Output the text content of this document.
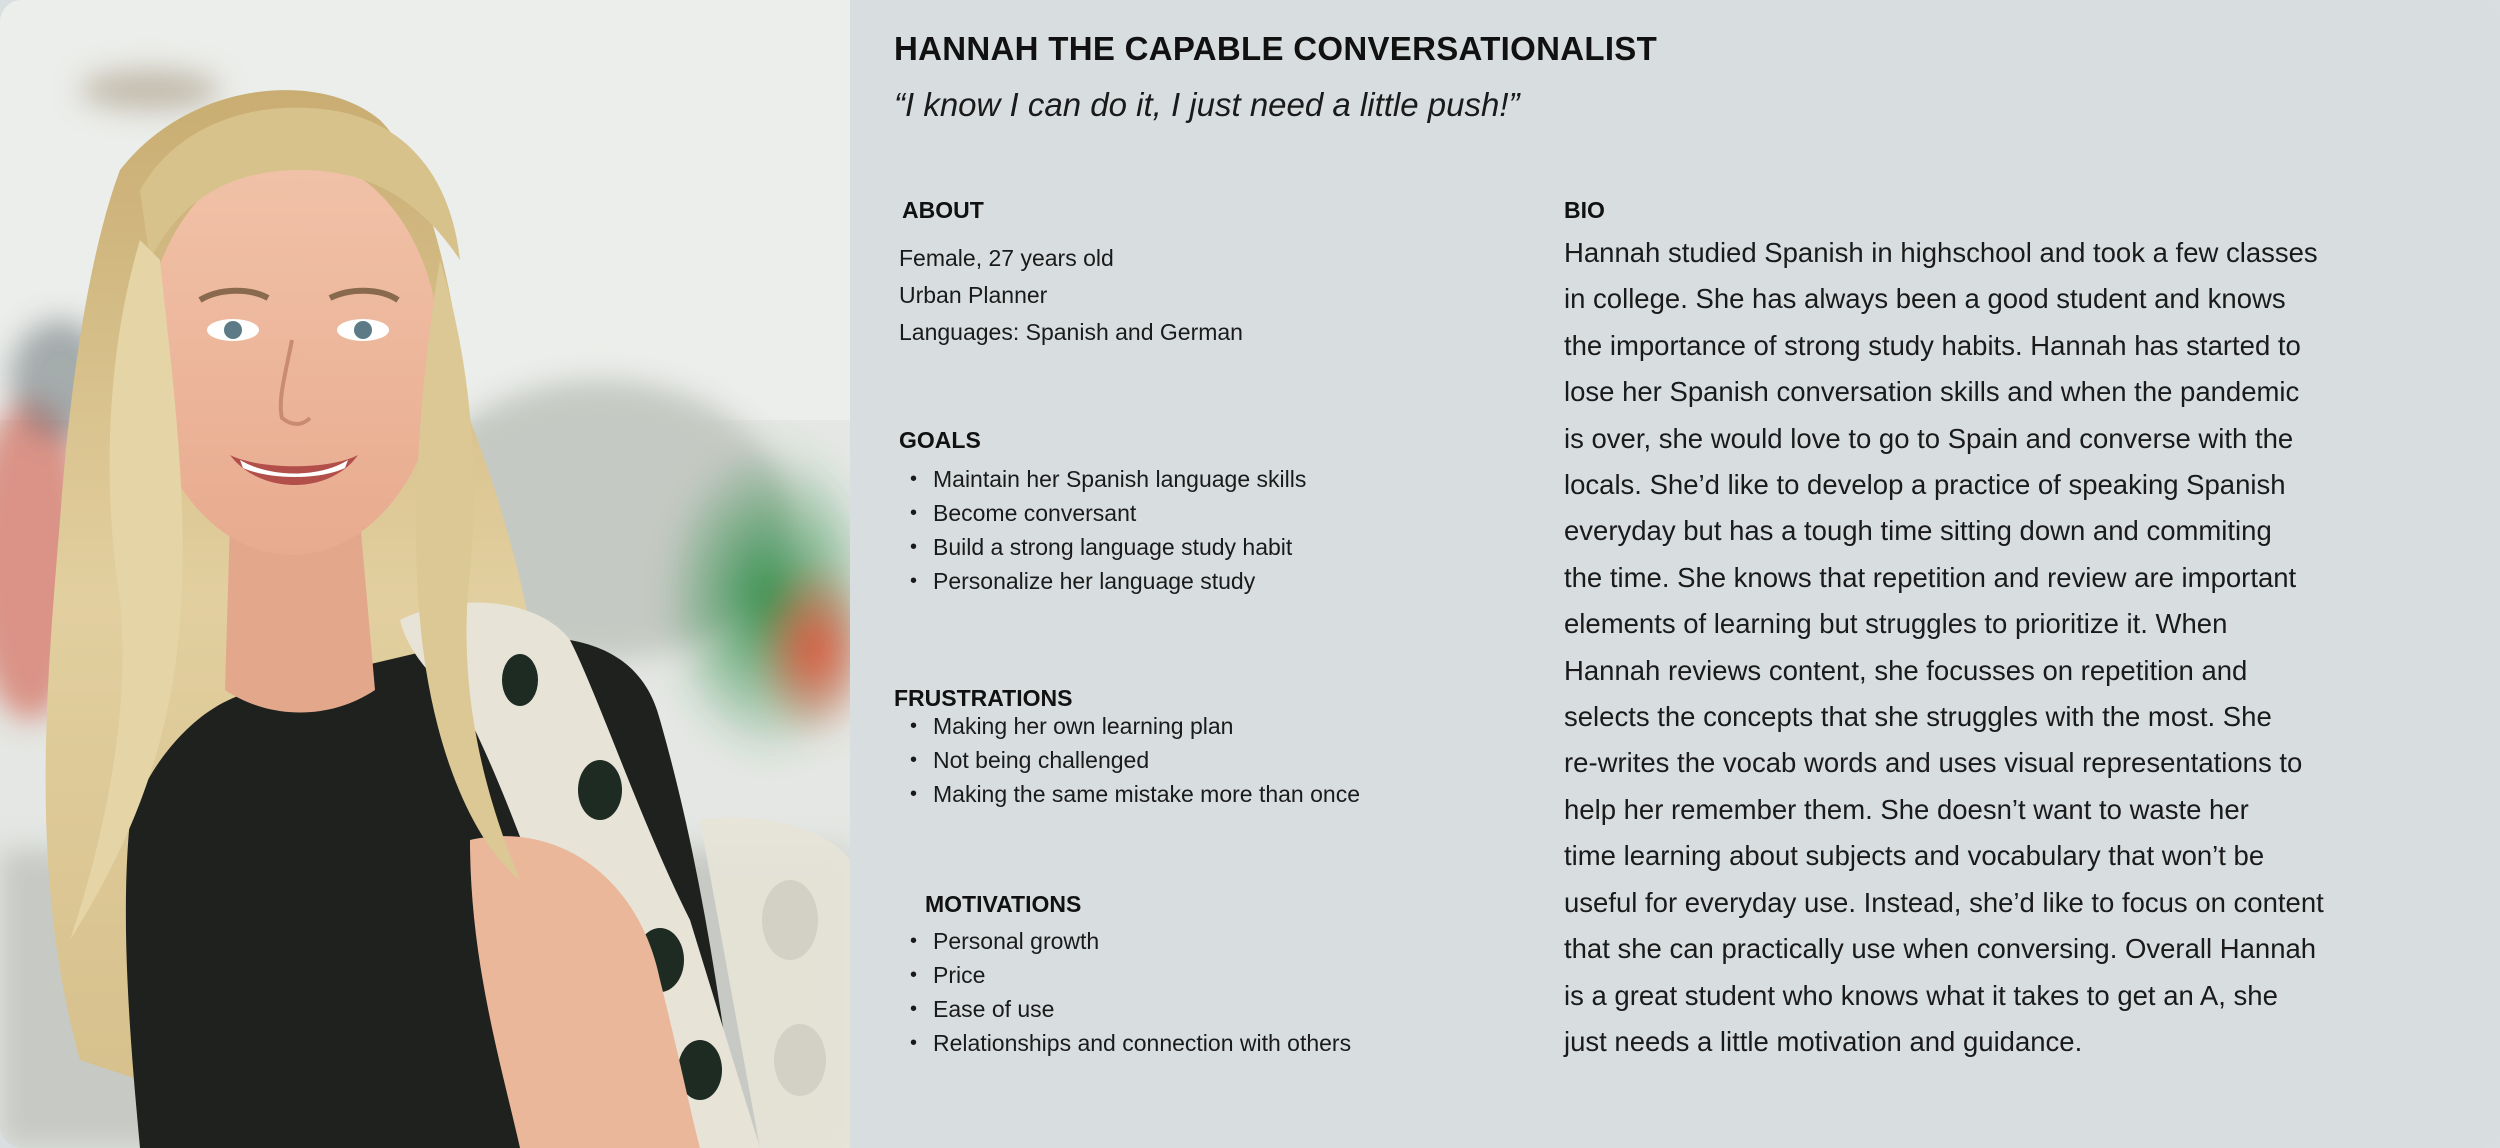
HANNAH THE CAPABLE CONVERSATIONALIST
“I know I can do it, I just need a little push!”
ABOUT
Female, 27 years old
Urban Planner
Languages: Spanish and German
GOALS
• Maintain her Spanish language skills
• Become conversant
• Build a strong language study habit
• Personalize her language study
FRUSTRATIONS
• Making her own learning plan
• Not being challenged
• Making the same mistake more than once
MOTIVATIONS
• Personal growth
• Price
• Ease of use
• Relationships and connection with others
BIO
Hannah studied Spanish in highschool and took a few classes
in college. She has always been a good student and knows
the importance of strong study habits. Hannah has started to
lose her Spanish conversation skills and when the pandemic
is over, she would love to go to Spain and converse with the
locals. She’d like to develop a practice of speaking Spanish
everyday but has a tough time sitting down and commiting
the time. She knows that repetition and review are important
elements of learning but struggles to prioritize it. When
Hannah reviews content, she focusses on repetition and
selects the concepts that she struggles with the most. She
re-writes the vocab words and uses visual representations to
help her remember them. She doesn’t want to waste her
time learning about subjects and vocabulary that won’t be
useful for everyday use. Instead, she’d like to focus on content
that she can practically use when conversing. Overall Hannah
is a great student who knows what it takes to get an A, she
just needs a little motivation and guidance.
